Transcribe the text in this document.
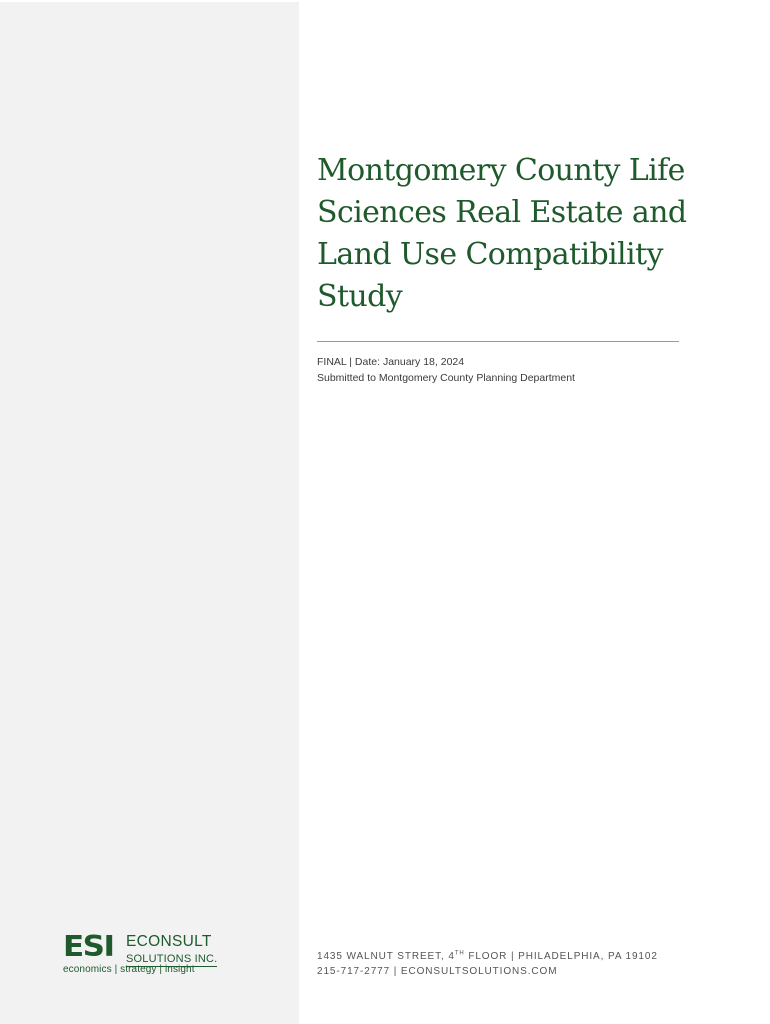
Montgomery County Life Sciences Real Estate and Land Use Compatibility Study
FINAL | Date: January 18, 2024
Submitted to Montgomery County Planning Department
ESI ECONSULT
SOLUTIONS INC.
economics | strategy | insight
1435 WALNUT STREET, 4TH FLOOR | PHILADELPHIA, PA 19102
215-717-2777 | ECONSULTSOLUTIONS.COM
